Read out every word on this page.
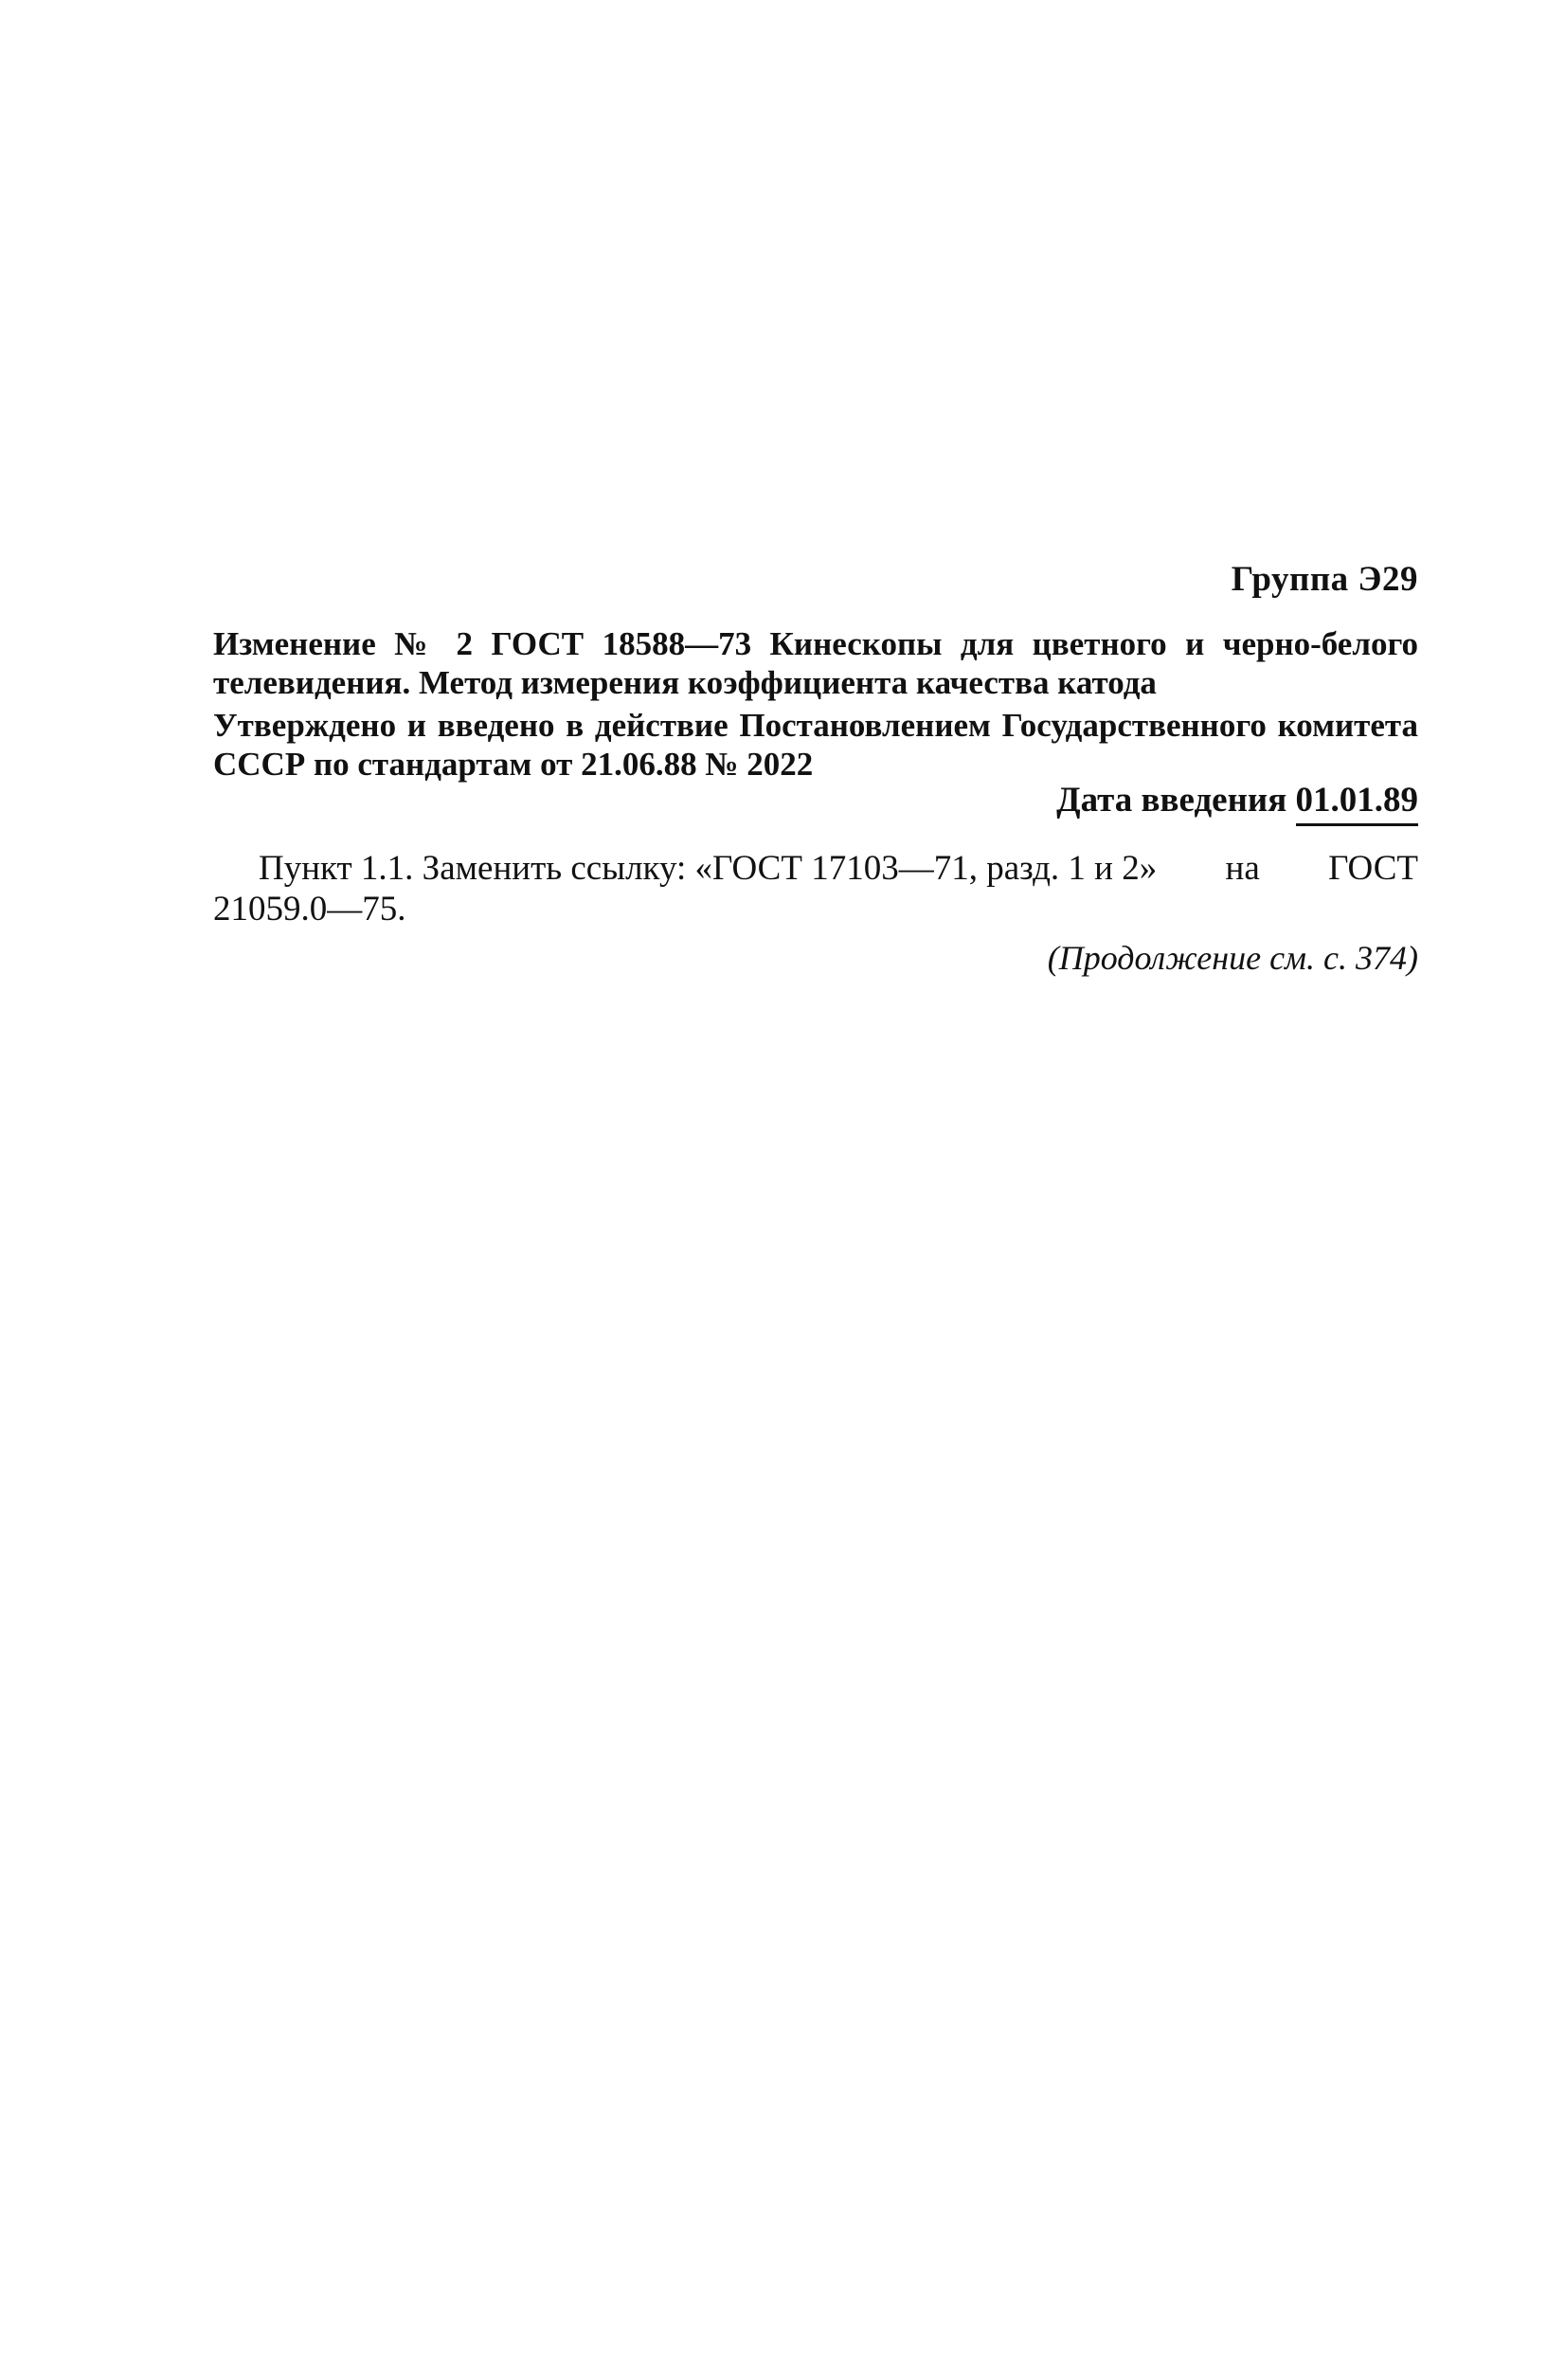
Группа Э29
Изменение № 2 ГОСТ 18588—73 Кинескопы для цветного и черно-белого телевидения. Метод измерения коэффициента качества катода
Утверждено и введено в действие Постановлением Государственного комитета СССР по стандартам от 21.06.88 № 2022
Дата введения 01.01.89
Пункт 1.1. Заменить ссылку: «ГОСТ 17103—71, разд. 1 и 2» на ГОСТ
21059.0—75.
(Продолжение см. с. 374)
